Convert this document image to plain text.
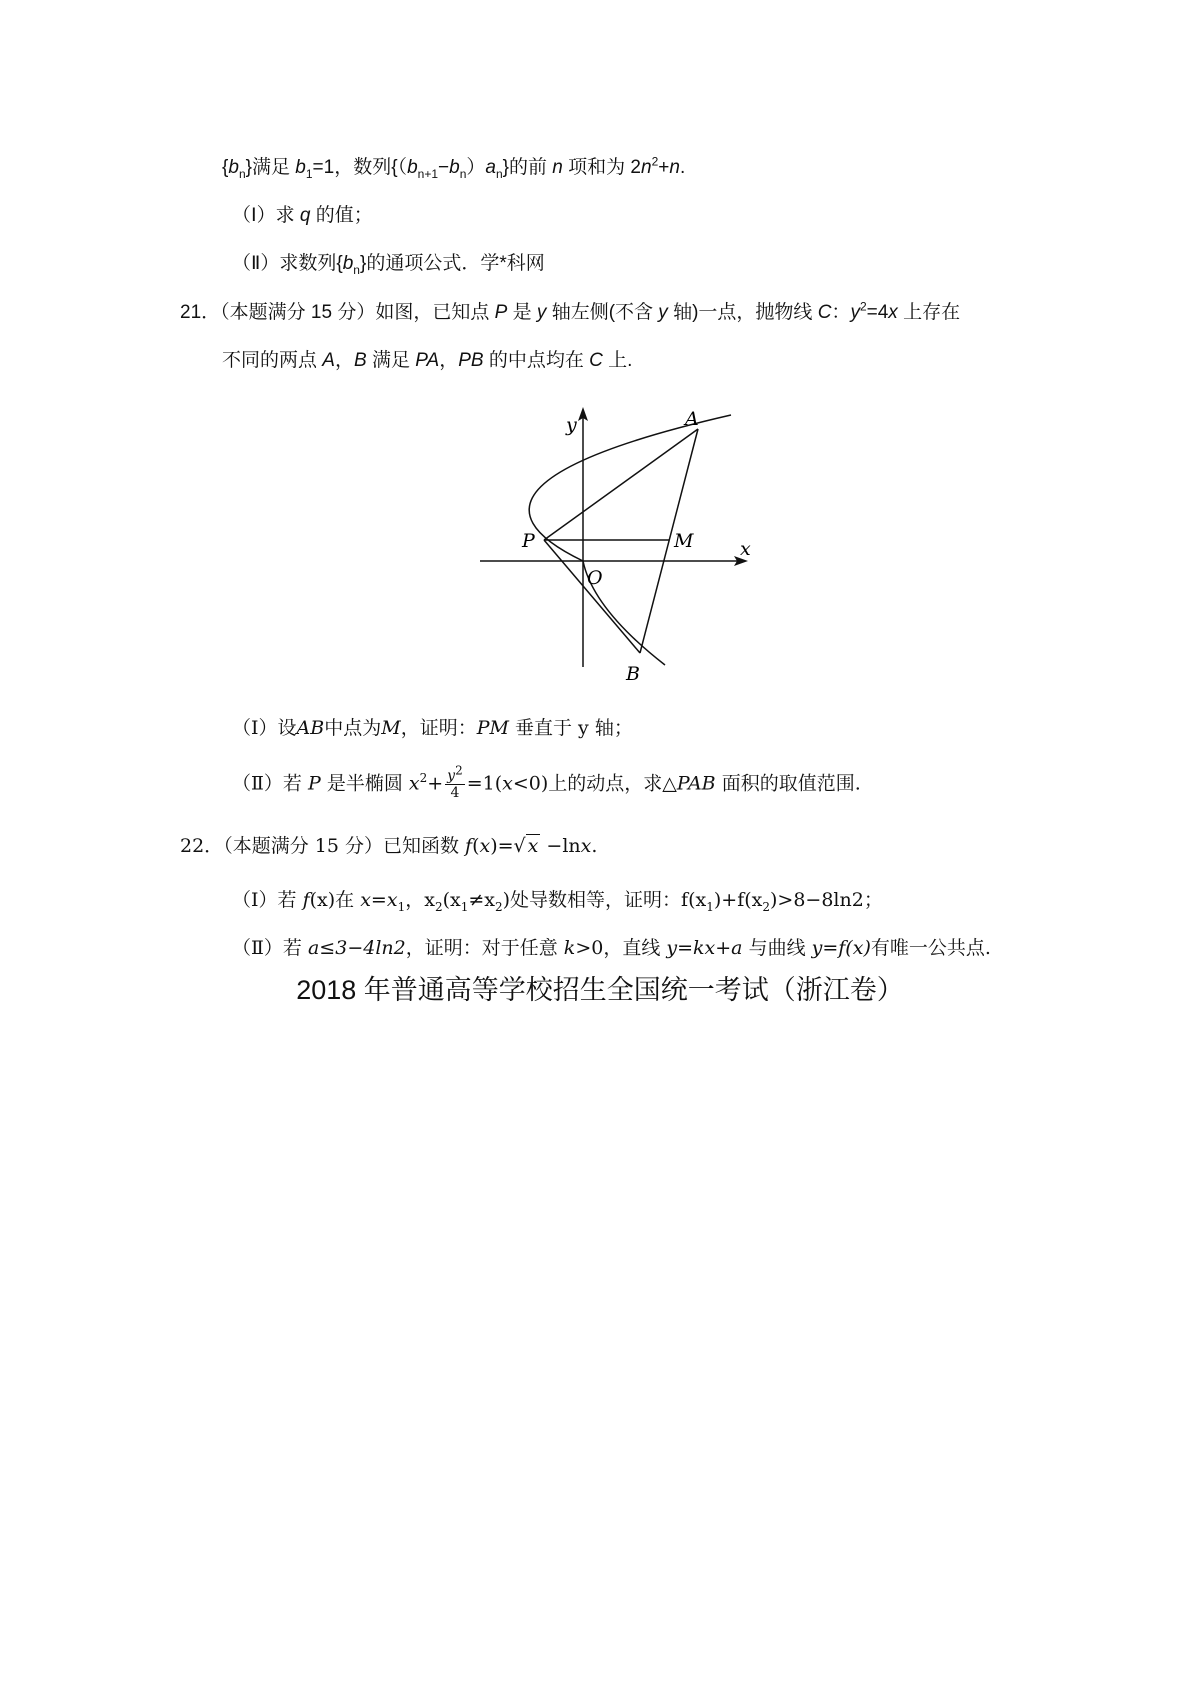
$\{b_n\}$满足 $b_1=1$，数列$\{(b_{n+1}-b_n)a_n\}$的前 n 项和为 $2n^2+n$.
（Ⅰ）求 q 的值；
（Ⅱ）求数列$\{b_n\}$的通项公式．学*科网
21．（本题满分 15 分）如图，已知点 P 是 y 轴左侧(不含 y 轴)一点，抛物线 C：$y^2=4x$ 上存在
不同的两点 A，B 满足 PA，PB 的中点均在 C 上.
y
x
A
B
P	M
O
（Ⅰ）设AB中点为M，证明：PM 垂直于 y 轴；
（Ⅱ）若 P 是半椭圆 $x^2+ \frac{y^2}{4} =1(x<0)$上的动点，求△PAB 面积的取值范围.
22．（本题满分 15 分）已知函数 f(x)=√ x −lnx.
（Ⅰ）若 f(x)在 $x=x_1$，$x_2(x_1\ne x_2)$处导数相等，证明：$f(x_1)+f(x_2)>8-8\ln 2$；
（Ⅱ）若 a≤3−4ln2，证明：对于任意 k>0，直线 y=kx+a 与曲线 y=f(x)有唯一公共点.
2018 年普通高等学校招生全国统一考试（浙江卷）
